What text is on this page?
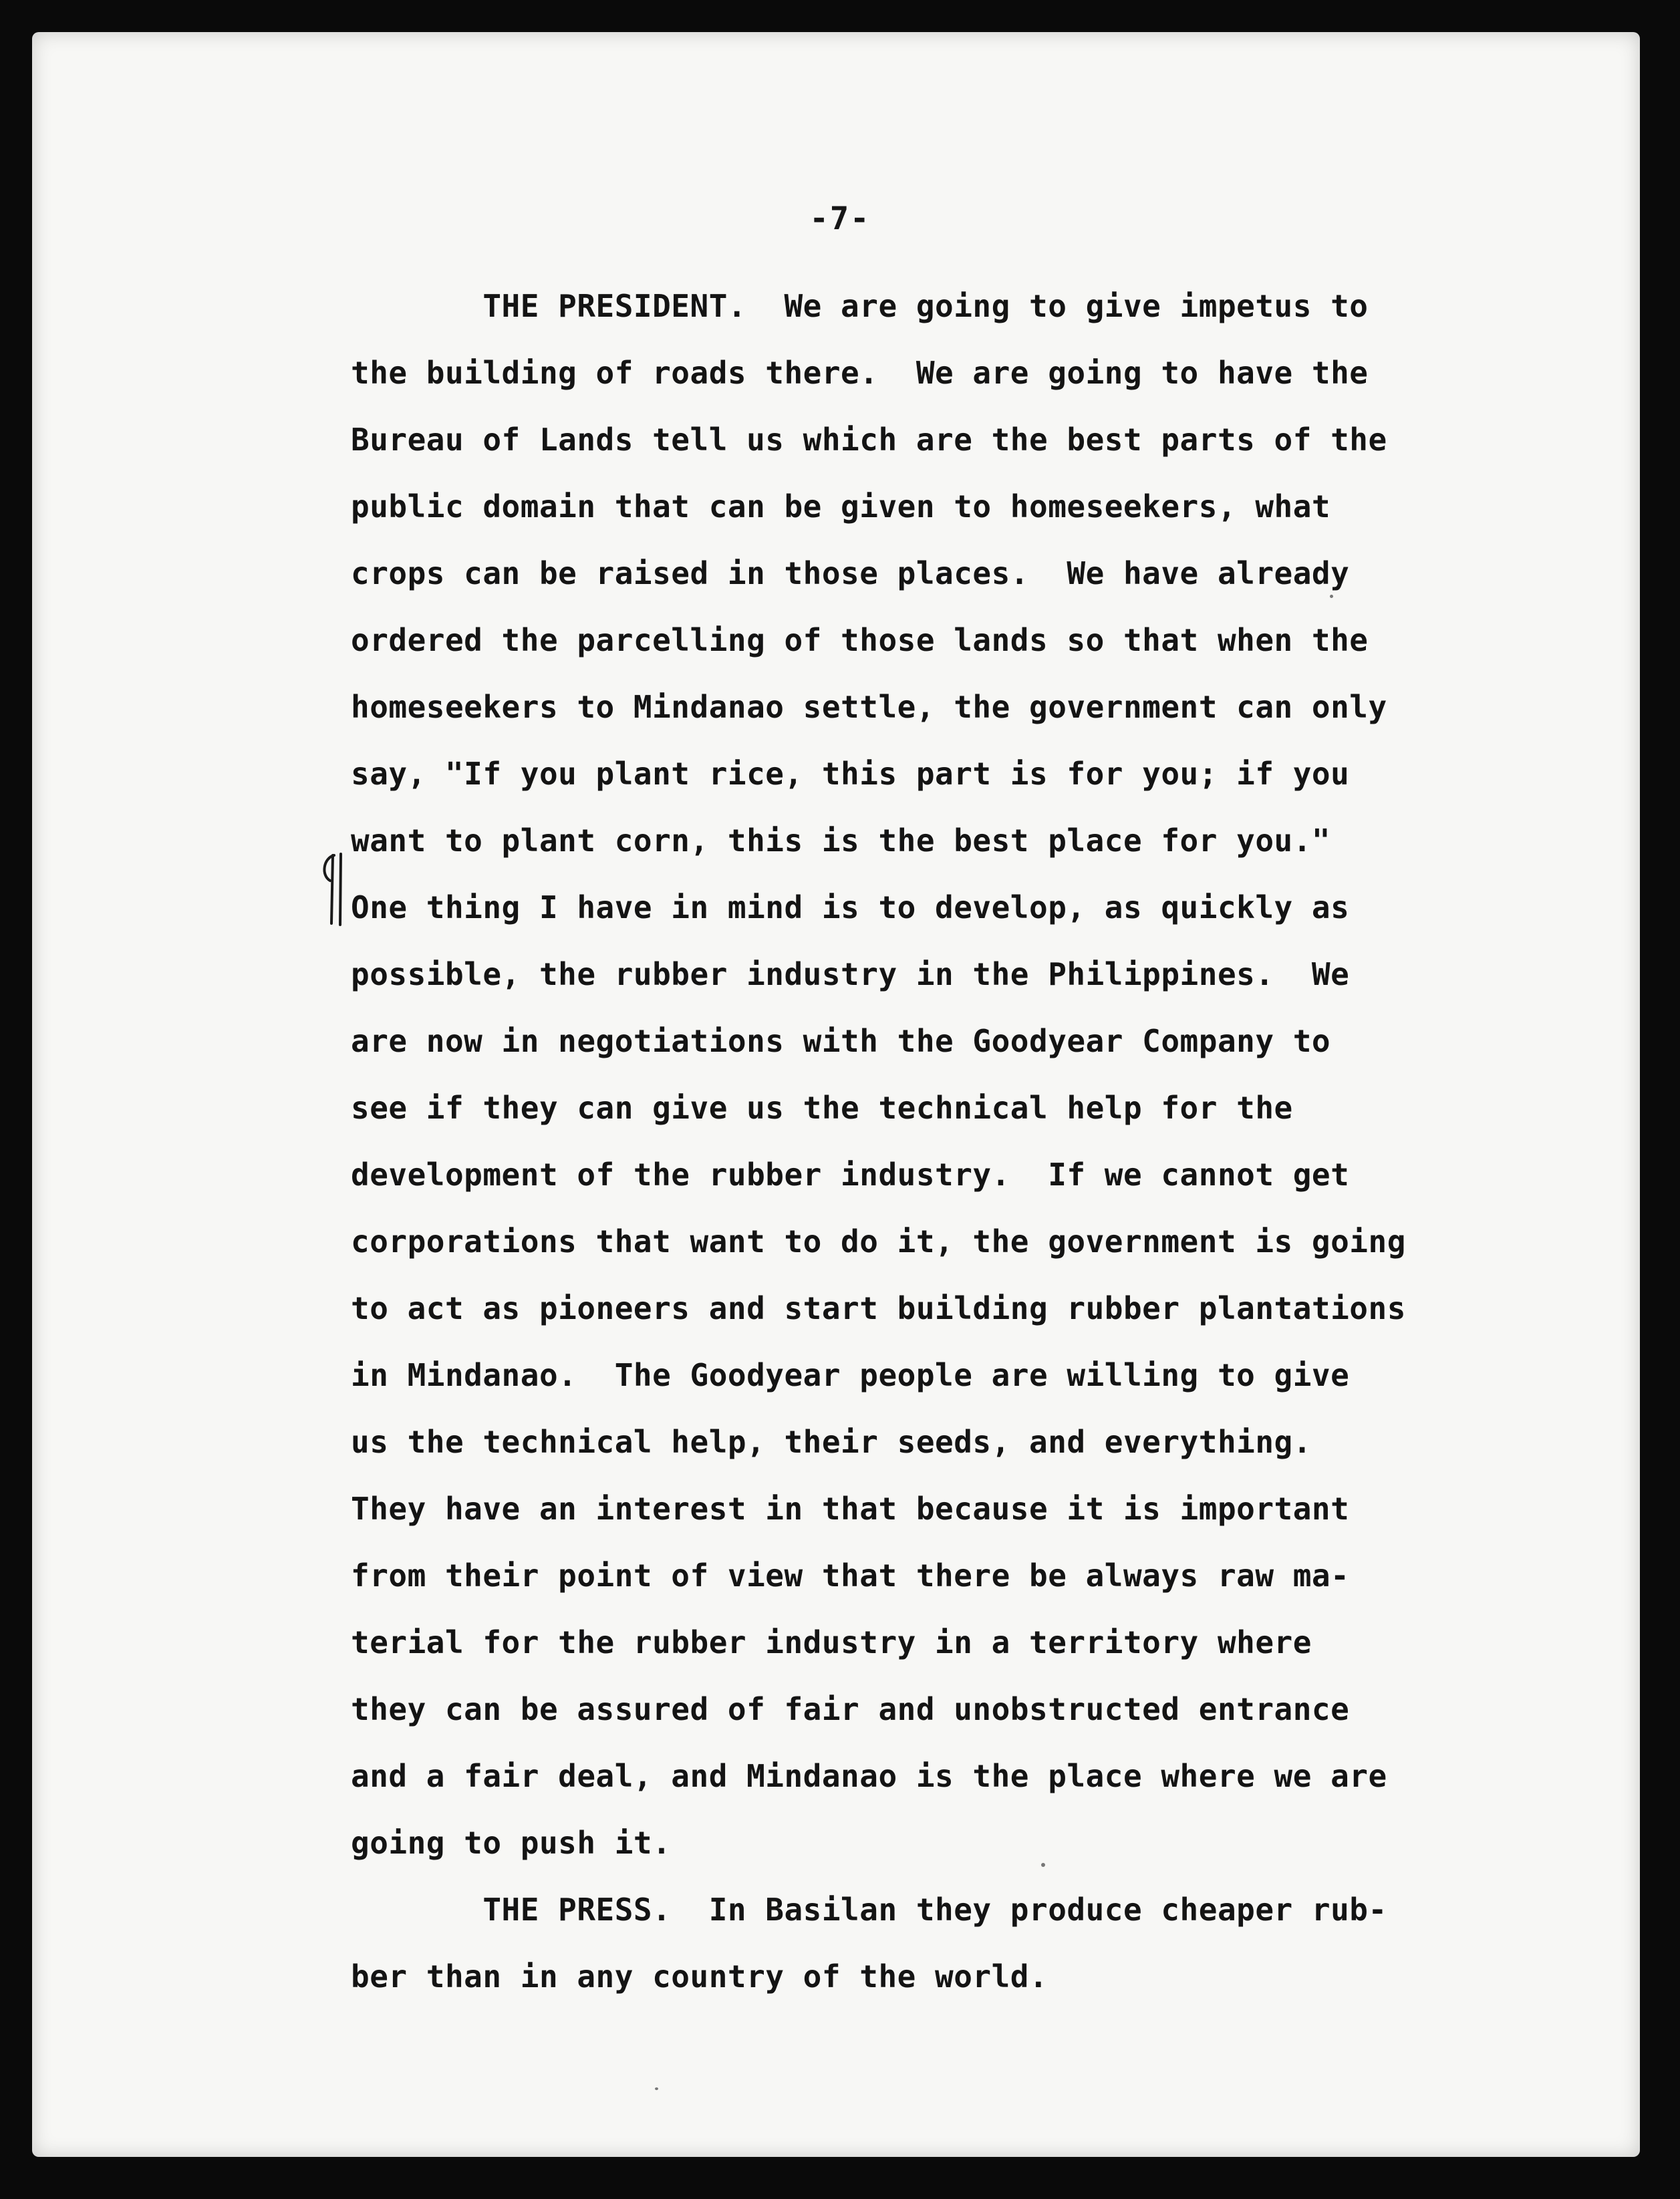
-7-
THE PRESIDENT.  We are going to give impetus to
the building of roads there.  We are going to have the
Bureau of Lands tell us which are the best parts of the
public domain that can be given to homeseekers, what
crops can be raised in those places.  We have already
ordered the parcelling of those lands so that when the
homeseekers to Mindanao settle, the government can only
say, "If you plant rice, this part is for you; if you
want to plant corn, this is the best place for you."
One thing I have in mind is to develop, as quickly as
possible, the rubber industry in the Philippines.  We
are now in negotiations with the Goodyear Company to
see if they can give us the technical help for the
development of the rubber industry.  If we cannot get
corporations that want to do it, the government is going
to act as pioneers and start building rubber plantations
in Mindanao.  The Goodyear people are willing to give
us the technical help, their seeds, and everything.
They have an interest in that because it is important
from their point of view that there be always raw ma-
terial for the rubber industry in a territory where
they can be assured of fair and unobstructed entrance
and a fair deal, and Mindanao is the place where we are
going to push it.
THE PRESS.  In Basilan they produce cheaper rub-
ber than in any country of the world.
